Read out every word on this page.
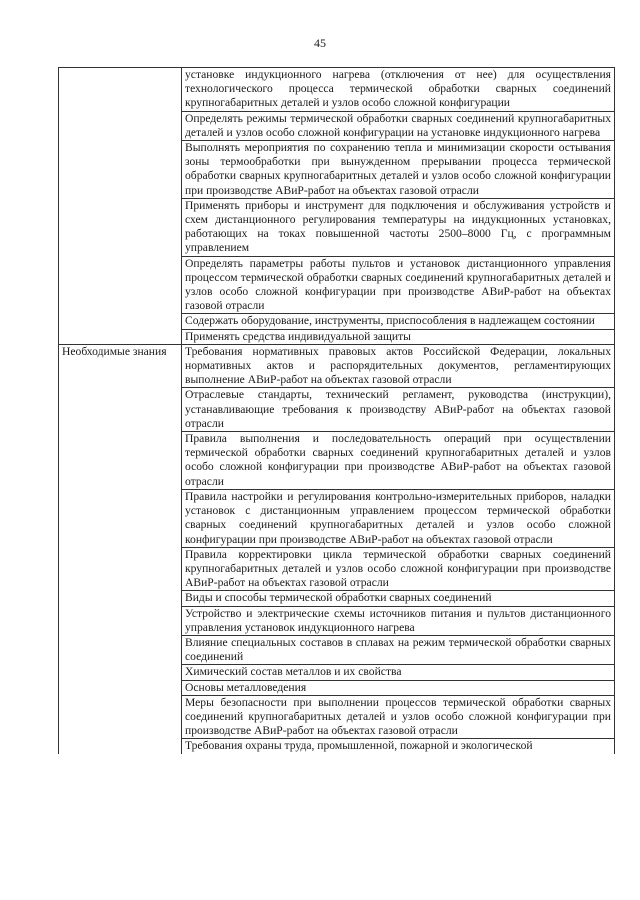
45
	установке индукционного нагрева (отключения от нее) для осуществления технологического процесса термической обработки сварных соединений крупногабаритных деталей и узлов особо сложной конфигурации
	Определять режимы термической обработки сварных соединений крупногабаритных деталей и узлов особо сложной конфигурации на установке индукционного нагрева
	Выполнять мероприятия по сохранению тепла и минимизации скорости остывания зоны термообработки при вынужденном прерывании процесса термической обработки сварных крупногабаритных деталей и узлов особо сложной конфигурации при производстве АВиР-работ на объектах газовой отрасли
	Применять приборы и инструмент для подключения и обслуживания устройств и схем дистанционного регулирования температуры на индукционных установках, работающих на токах повышенной частоты 2500–8000 Гц, с программным управлением
	Определять параметры работы пультов и установок дистанционного управления процессом термической обработки сварных соединений крупногабаритных деталей и узлов особо сложной конфигурации при производстве АВиР-работ на объектах газовой отрасли
	Содержать оборудование, инструменты, приспособления в надлежащем состоянии
	Применять средства индивидуальной защиты
Необходимые знания	Требования нормативных правовых актов Российской Федерации, локальных нормативных актов и распорядительных документов, регламентирующих выполнение АВиР-работ на объектах газовой отрасли
	Отраслевые стандарты, технический регламент, руководства (инструкции), устанавливающие требования к производству АВиР-работ на объектах газовой отрасли
	Правила выполнения и последовательность операций при осуществлении термической обработки сварных соединений крупногабаритных деталей и узлов особо сложной конфигурации при производстве АВиР-работ на объектах газовой отрасли
	Правила настройки и регулирования контрольно-измерительных приборов, наладки установок с дистанционным управлением процессом термической обработки сварных соединений крупногабаритных деталей и узлов особо сложной конфигурации при производстве АВиР-работ на объектах газовой отрасли
	Правила корректировки цикла термической обработки сварных соединений крупногабаритных деталей и узлов особо сложной конфигурации при производстве АВиР-работ на объектах газовой отрасли
	Виды и способы термической обработки сварных соединений
	Устройство и электрические схемы источников питания и пультов дистанционного управления установок индукционного нагрева
	Влияние специальных составов в сплавах на режим термической обработки сварных соединений
	Химический состав металлов и их свойства
	Основы металловедения
	Меры безопасности при выполнении процессов термической обработки сварных соединений крупногабаритных деталей и узлов особо сложной конфигурации при производстве АВиР-работ на объектах газовой отрасли
	Требования охраны труда, промышленной, пожарной и экологической
